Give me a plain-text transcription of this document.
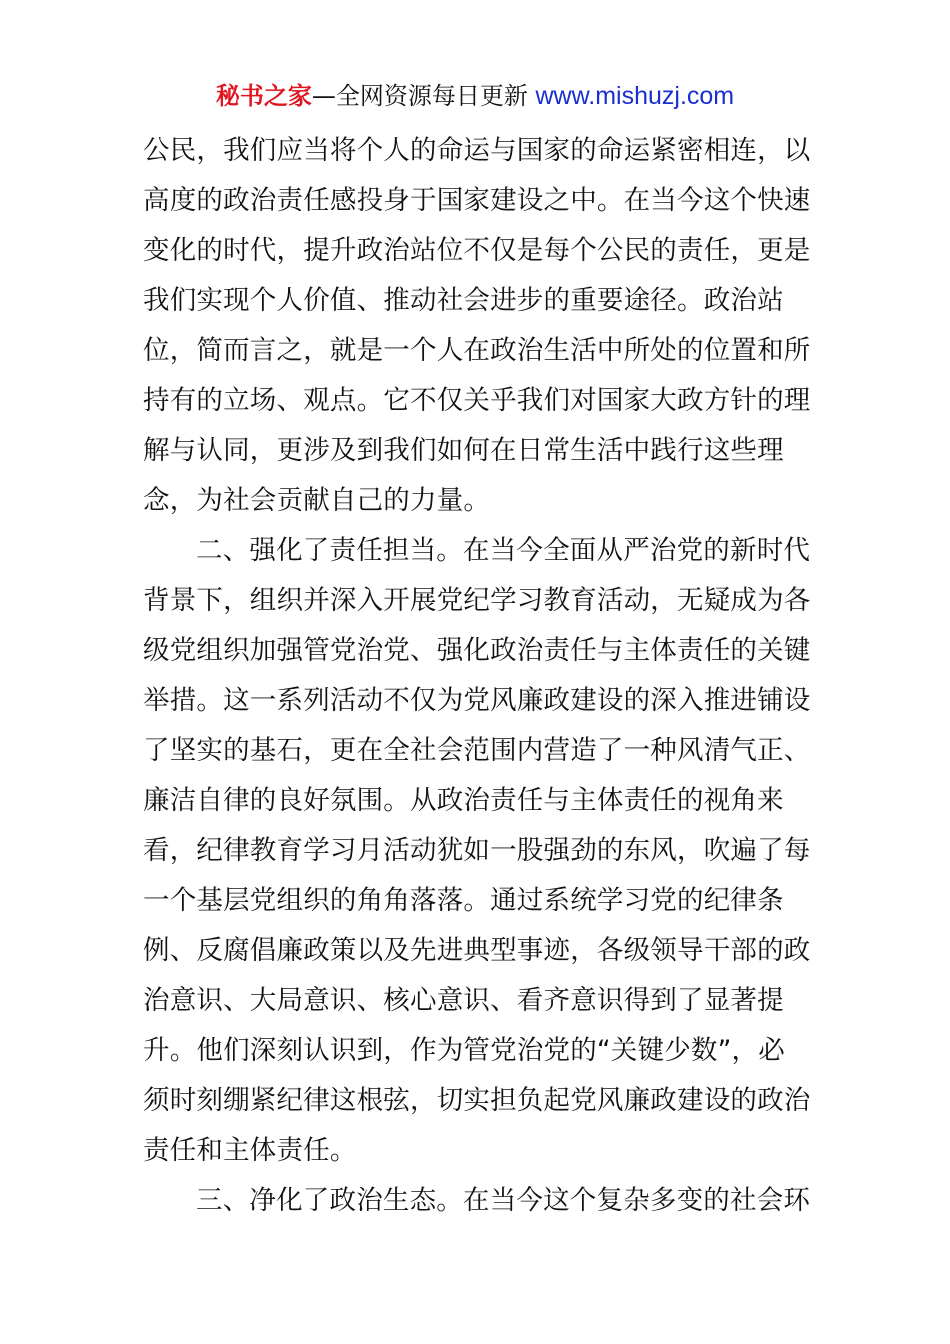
秘书之家—全网资源每日更新 www.mishuzj.com
公民，我们应当将个人的命运与国家的命运紧密相连，以
高度的政治责任感投身于国家建设之中。在当今这个快速
变化的时代，提升政治站位不仅是每个公民的责任，更是
我们实现个人价值、推动社会进步的重要途径。政治站
位，简而言之，就是一个人在政治生活中所处的位置和所
持有的立场、观点。它不仅关乎我们对国家大政方针的理
解与认同，更涉及到我们如何在日常生活中践行这些理
念，为社会贡献自己的力量。
二、强化了责任担当。在当今全面从严治党的新时代
背景下，组织并深入开展党纪学习教育活动，无疑成为各
级党组织加强管党治党、强化政治责任与主体责任的关键
举措。这一系列活动不仅为党风廉政建设的深入推进铺设
了坚实的基石，更在全社会范围内营造了一种风清气正、
廉洁自律的良好氛围。从政治责任与主体责任的视角来
看，纪律教育学习月活动犹如一股强劲的东风，吹遍了每
一个基层党组织的角角落落。通过系统学习党的纪律条
例、反腐倡廉政策以及先进典型事迹，各级领导干部的政
治意识、大局意识、核心意识、看齐意识得到了显著提
升。他们深刻认识到，作为管党治党的“关键少数”，必
须时刻绷紧纪律这根弦，切实担负起党风廉政建设的政治
责任和主体责任。
三、净化了政治生态。在当今这个复杂多变的社会环
